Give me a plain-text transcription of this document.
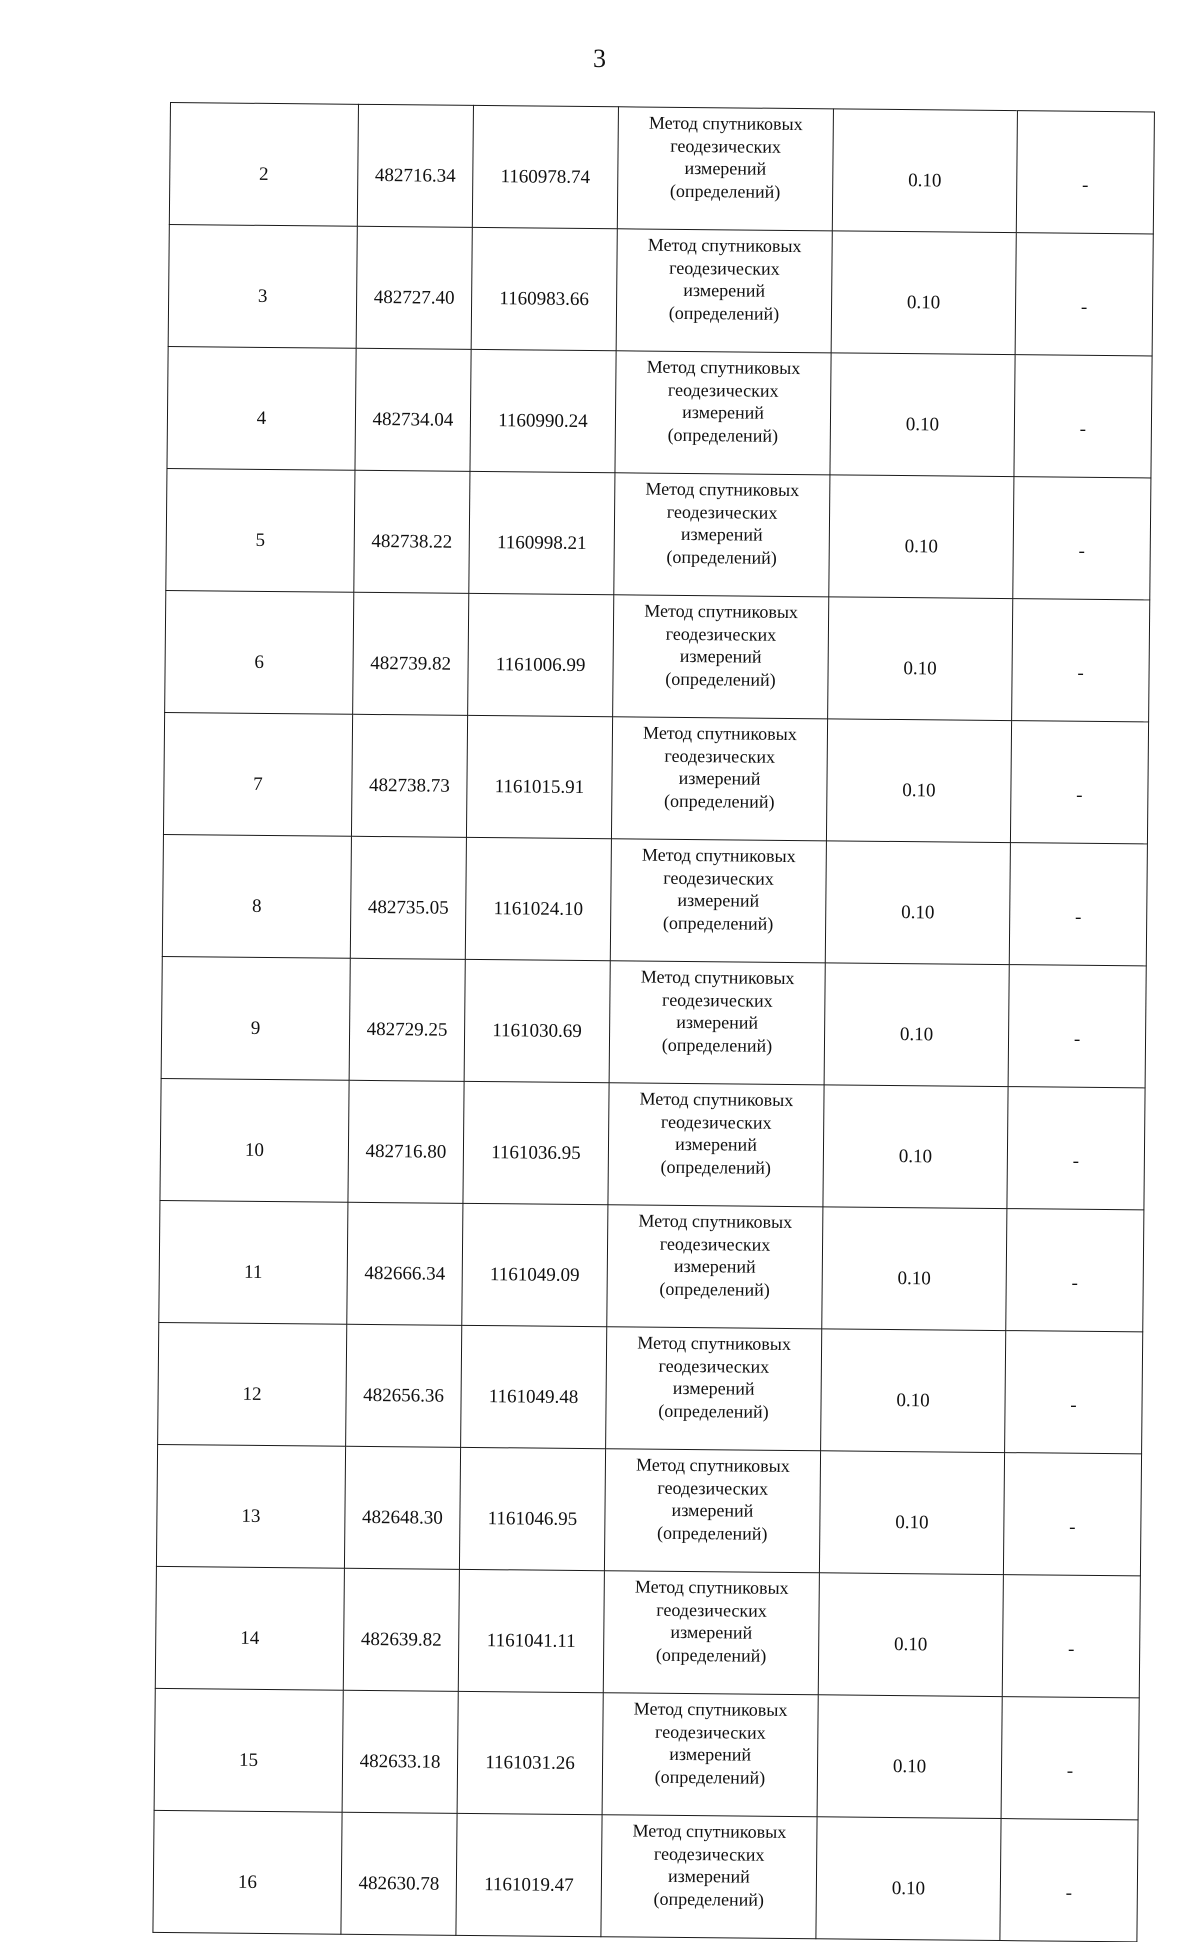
3
2	482716.34	1160978.74	Метод спутниковых
геодезических
измерений
(определений)	0.10	-
3	482727.40	1160983.66	Метод спутниковых
геодезических
измерений
(определений)	0.10	-
4	482734.04	1160990.24	Метод спутниковых
геодезических
измерений
(определений)	0.10	-
5	482738.22	1160998.21	Метод спутниковых
геодезических
измерений
(определений)	0.10	-
6	482739.82	1161006.99	Метод спутниковых
геодезических
измерений
(определений)	0.10	-
7	482738.73	1161015.91	Метод спутниковых
геодезических
измерений
(определений)	0.10	-
8	482735.05	1161024.10	Метод спутниковых
геодезических
измерений
(определений)	0.10	-
9	482729.25	1161030.69	Метод спутниковых
геодезических
измерений
(определений)	0.10	-
10	482716.80	1161036.95	Метод спутниковых
геодезических
измерений
(определений)	0.10	-
11	482666.34	1161049.09	Метод спутниковых
геодезических
измерений
(определений)	0.10	-
12	482656.36	1161049.48	Метод спутниковых
геодезических
измерений
(определений)	0.10	-
13	482648.30	1161046.95	Метод спутниковых
геодезических
измерений
(определений)	0.10	-
14	482639.82	1161041.11	Метод спутниковых
геодезических
измерений
(определений)	0.10	-
15	482633.18	1161031.26	Метод спутниковых
геодезических
измерений
(определений)	0.10	-
16	482630.78	1161019.47	Метод спутниковых
геодезических
измерений
(определений)	0.10	-
